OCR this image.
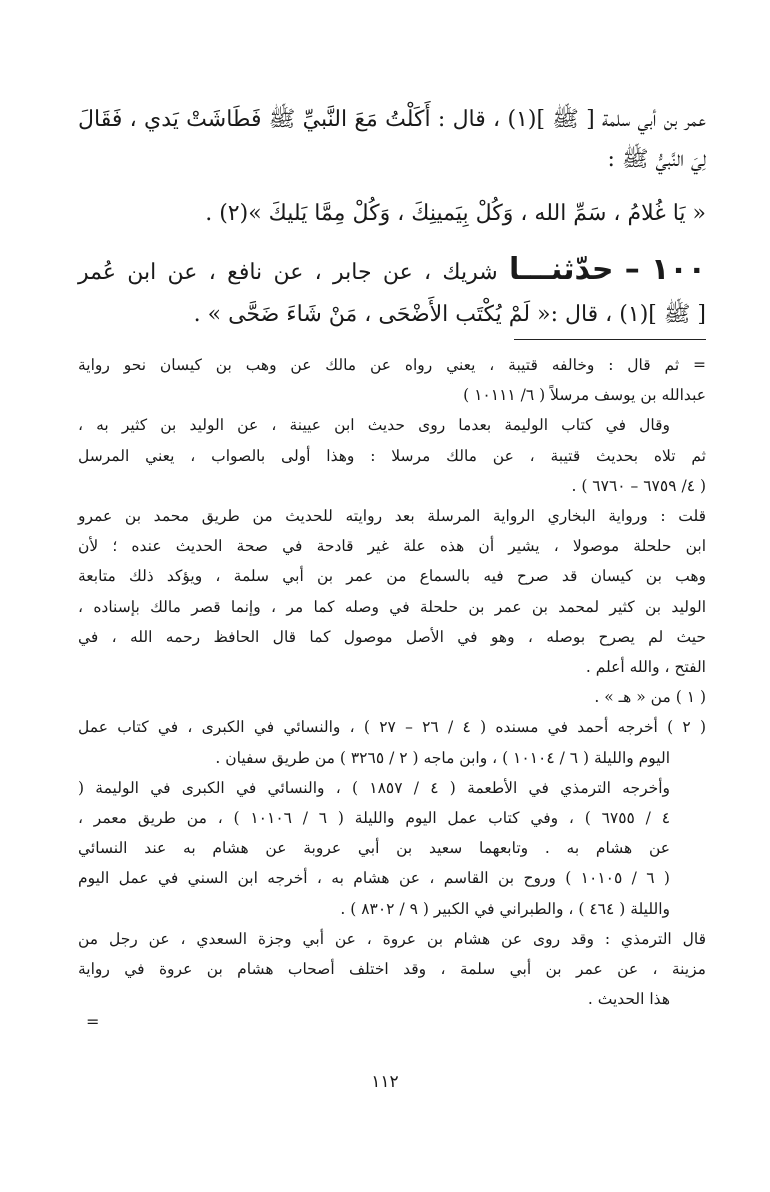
عمر بن أبي سلمة [ ﷺ ](١) ، قال : أَكَلْتُ مَعَ النَّبيِّ ﷺ فَطَاشَتْ يَدي ، فَقَالَ

لِيَ النَّبيُّ ﷺ :

« يَا غُلامُ ، سَمِّ الله ، وَكُلْ بِيَمينِكَ ، وَكُلْ مِمَّا يَليكَ »(٢) .

١٠٠ – حدّثنـــا شريك ، عن جابر ، عن نافع ، عن ابن عُمر

[ ﷺ ](١) ، قال :« لَمْ يُكْتَب الأَضْحَى ، مَنْ شَاءَ ضَحَّى » .

= ثم قال : وخالفه قتيبة ، يعني رواه عن مالك عن وهب بن كيسان نحو رواية

عبدالله بن يوسف مرسلاً ( ٦/ ١٠١١١ )

وقال في كتاب الوليمة بعدما روى حديث ابن عيينة ، عن الوليد بن كثير به ،

ثم تلاه بحديث قتيبة ، عن مالك مرسلا : وهذا أولى بالصواب ، يعني المرسل

( ٤/ ٦٧٥٩ – ٦٧٦٠ ) .

قلت : ورواية البخاري الرواية المرسلة بعد روايته للحديث من طريق محمد بن عمرو

ابن حلحلة موصولا ، يشير أن هذه علة غير قادحة في صحة الحديث عنده ؛ لأن

وهب بن كيسان قد صرح فيه بالسماع من عمر بن أبي سلمة ، ويؤكد ذلك متابعة

الوليد بن كثير لمحمد بن عمر بن حلحلة في وصله كما مر ، وإنما قصر مالك بإسناده ،

حيث لم يصرح بوصله ، وهو في الأصل موصول كما قال الحافظ رحمه الله ، في

الفتح ، والله أعلم .

( ١ ) من « هـ » .

( ٢ ) أخرجه أحمد في مسنده ( ٤ / ٢٦ – ٢٧ ) ، والنسائي في الكبرى ، في كتاب عمل

اليوم والليلة ( ٦ / ١٠١٠٤ ) ، وابن ماجه ( ٢ / ٣٢٦٥ ) من طريق سفيان .

وأخرجه الترمذي في الأطعمة ( ٤ / ١٨٥٧ ) ، والنسائي في الكبرى في الوليمة (

٤ / ٦٧٥٥ ) ، وفي كتاب عمل اليوم والليلة ( ٦ / ١٠١٠٦ ) ، من طريق معمر ،

عن هشام به . وتابعهما سعيد بن أبي عروبة عن هشام به عند النسائي

( ٦ / ١٠١٠٥ ) وروح بن القاسم ، عن هشام به ، أخرجه ابن السني في عمل اليوم

والليلة ( ٤٦٤ ) ، والطبراني في الكبير ( ٩ / ٨٣٠٢ ) .

قال الترمذي : وقد روى عن هشام بن عروة ، عن أبي وجزة السعدي ، عن رجل من

مزينة ، عن عمر بن أبي سلمة ، وقد اختلف أصحاب هشام بن عروة في رواية

هذا الحديث .

=
١١٢
